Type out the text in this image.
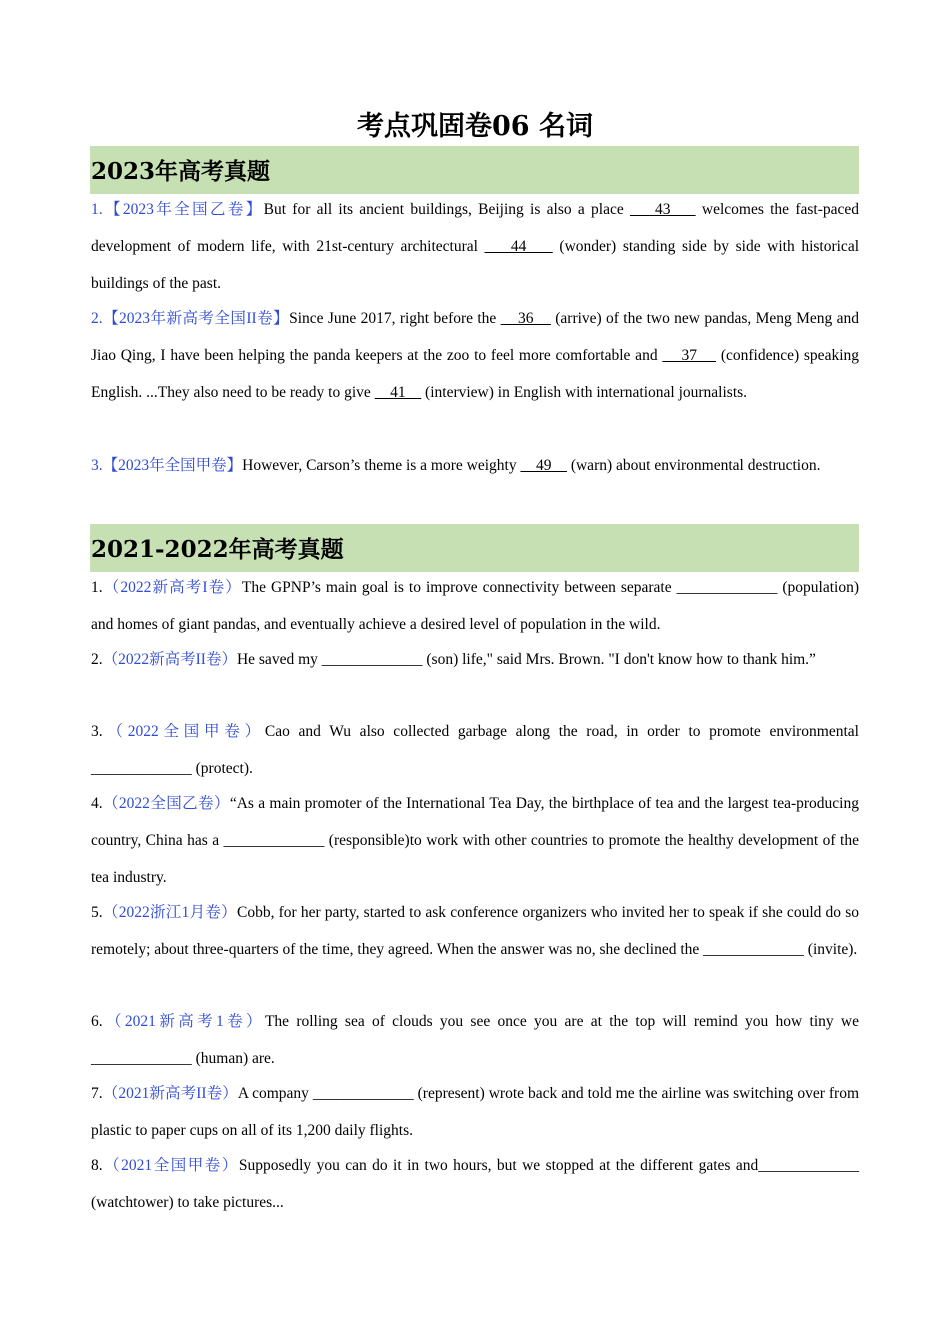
考点巩固卷06 名词
2023年高考真题
1.【2023年全国乙卷】But for all its ancient buildings, Beijing is also a place     43     welcomes the fast-paced development of modern life, with 21st-century architectural     44     (wonder) standing side by side with historical buildings of the past.
2.【2023年新高考全国II卷】Since June 2017, right before the     36     (arrive) of the two new pandas, Meng Meng and Jiao Qing, I have been helping the panda keepers at the zoo to feel more comfortable and     37     (confidence) speaking English. ...They also need to be ready to give     41     (interview) in English with international journalists.
3.【2023年全国甲卷】However, Carson’s theme is a more weighty     49     (warn) about environmental destruction.
2021-2022年高考真题
1.（2022新高考I卷）The GPNP’s main goal is to improve connectivity between separate _____________ (population) and homes of giant pandas, and eventually achieve a desired level of population in the wild.
2.（2022新高考II卷）He saved my _____________ (son) life," said Mrs. Brown. "I don't know how to thank him.”
3.（2022全国甲卷）Cao and Wu also collected garbage along the road, in order to promote environmental _____________ (protect).
4.（2022全国乙卷）“As a main promoter of the International Tea Day, the birthplace of tea and the largest tea-producing country, China has a _____________ (responsible)to work with other countries to promote the healthy development of the tea industry.
5.（2022浙江1月卷）Cobb, for her party, started to ask conference organizers who invited her to speak if she could do so remotely; about three-quarters of the time, they agreed. When the answer was no, she declined the _____________ (invite).
6.（2021新高考1卷）The rolling sea of clouds you see once you are at the top will remind you how tiny we _____________ (human) are.
7.（2021新高考II卷）A company _____________ (represent) wrote back and told me the airline was switching over from plastic to paper cups on all of its 1,200 daily flights.
8.（2021全国甲卷）Supposedly you can do it in two hours, but we stopped at the different gates and_____________ (watchtower) to take pictures...
